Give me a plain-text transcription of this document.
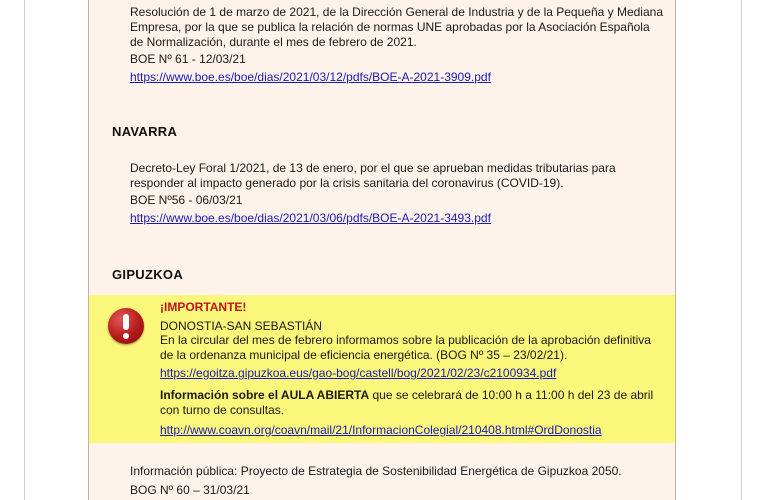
Resolución de 1 de marzo de 2021, de la Dirección General de Industria y de la Pequeña y Mediana Empresa, por la que se publica la relación de normas UNE aprobadas por la Asociación Española de Normalización, durante el mes de febrero de 2021.

BOE Nº 61 - 12/03/21

https://www.boe.es/boe/dias/2021/03/12/pdfs/BOE-A-2021-3909.pdf
NAVARRA

Decreto-Ley Foral 1/2021, de 13 de enero, por el que se aprueban medidas tributarias para responder al impacto generado por la crisis sanitaria del coronavirus (COVID-19).

BOE Nº56 - 06/03/21

https://www.boe.es/boe/dias/2021/03/06/pdfs/BOE-A-2021-3493.pdf
GIPUZKOA

¡IMPORTANTE!

DONOSTIA-SAN SEBASTIÁN

En la circular del mes de febrero informamos sobre la publicación de la aprobación definitiva de la ordenanza municipal de eficiencia energética. (BOG Nº 35 – 23/02/21).

https://egoitza.gipuzkoa.eus/gao-bog/castell/bog/2021/02/23/c2100934.pdf

Información sobre el AULA ABIERTA que se celebrará de 10:00 h a 11:00 h del 23 de abril con turno de consultas.

http://www.coavn.org/coavn/mail/21/InformacionColegial/210408.html#OrdDonostia

Información pública: Proyecto de Estrategia de Sostenibilidad Energética de Gipuzkoa 2050.

BOG Nº 60 – 31/03/21
